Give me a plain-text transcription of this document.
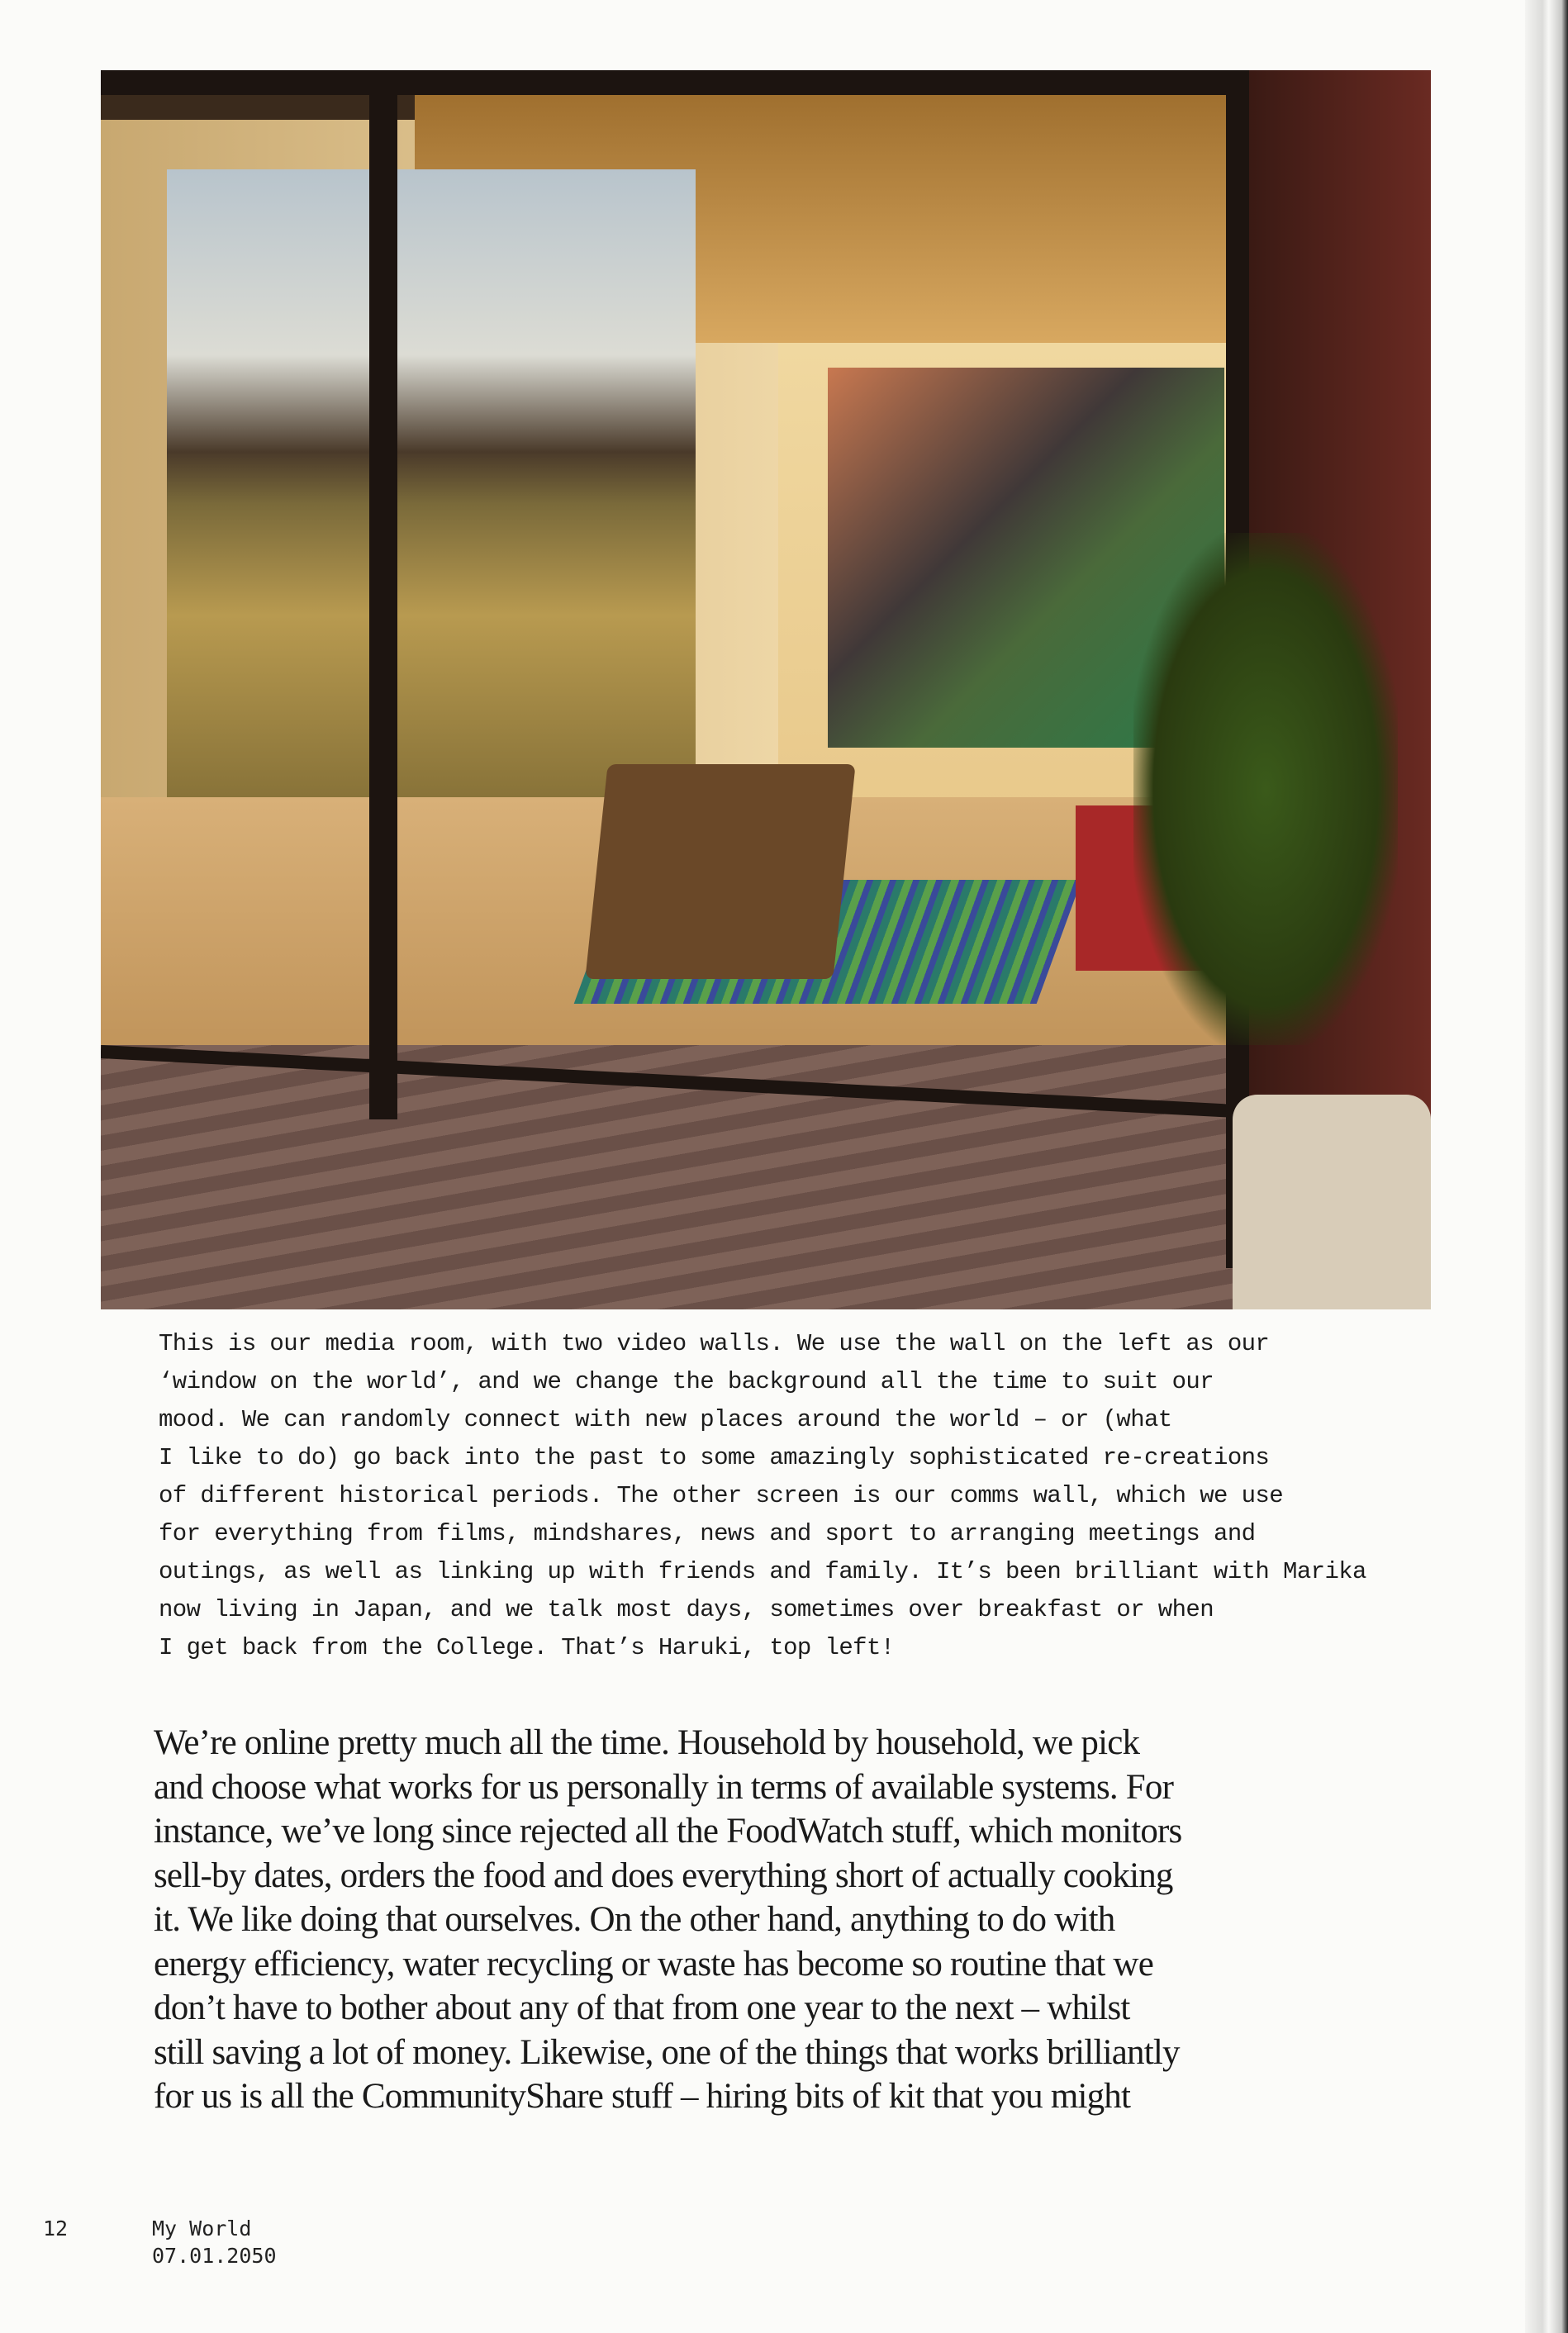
This is our media room, with two video walls. We use the wall on the left as our
‘window on the world’, and we change the background all the time to suit our
mood. We can randomly connect with new places around the world – or (what
I like to do) go back into the past to some amazingly sophisticated re-creations
of different historical periods. The other screen is our comms wall, which we use
for everything from films, mindshares, news and sport to arranging meetings and
outings, as well as linking up with friends and family. It’s been brilliant with Marika
now living in Japan, and we talk most days, sometimes over breakfast or when
I get back from the College. That’s Haruki, top left!
We’re online pretty much all the time. Household by household, we pick
and choose what works for us personally in terms of available systems. For
instance, we’ve long since rejected all the FoodWatch stuff, which monitors
sell-by dates, orders the food and does everything short of actually cooking
it. We like doing that ourselves. On the other hand, anything to do with
energy efficiency, water recycling or waste has become so routine that we
don’t have to bother about any of that from one year to the next – whilst
still saving a lot of money. Likewise, one of the things that works brilliantly
for us is all the CommunityShare stuff – hiring bits of kit that you might
12	My World
07.01.2050
